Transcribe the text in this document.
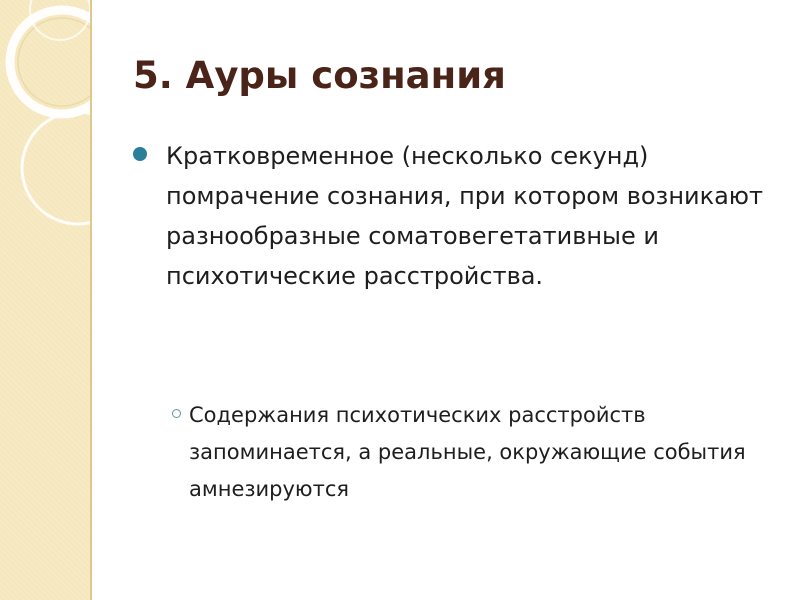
5. Ауры сознания

Кратковременное (несколько секунд) помрачение сознания, при котором возникают разнообразные соматовегетативные и психотические расстройства.

Содержания психотических расстройств запоминается, а реальные, окружающие события амнезируются
